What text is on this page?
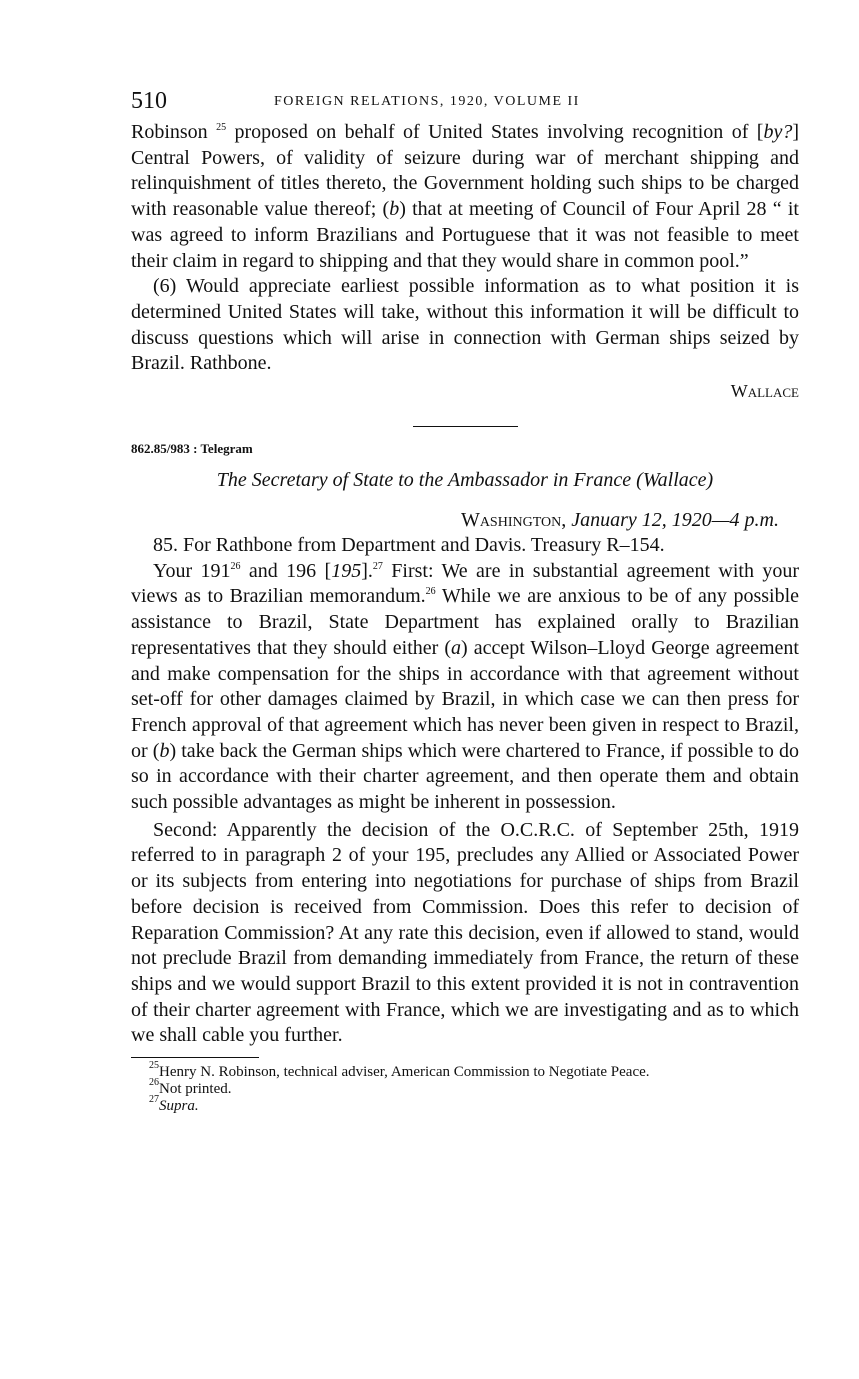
510	FOREIGN RELATIONS, 1920, VOLUME II

Robinson $^{25}$ proposed on behalf of United States involving recognition of [by?] Central Powers, of validity of seizure during war of merchant shipping and relinquishment of titles thereto, the Government holding such ships to be charged with reasonable value thereof; (b) that at meeting of Council of Four April 28 “ it was agreed to inform Brazilians and Portuguese that it was not feasible to meet their claim in regard to shipping and that they would share in common pool.”

(6) Would appreciate earliest possible information as to what position it is determined United States will take, without this information it will be difficult to discuss questions which will arise in connection with German ships seized by Brazil. Rathbone.

Wallace

862.85/983 : Telegram

The Secretary of State to the Ambassador in France (Wallace)

Washington, January 12, 1920—4 p.m.

85. For Rathbone from Department and Davis. Treasury R–154.

Your $191^{26}$ and 196 [195].$^{27}$ First: We are in substantial agreement with your views as to Brazilian memorandum.$^{26}$ While we are anxious to be of any possible assistance to Brazil, State Department has explained orally to Brazilian representatives that they should either (a) accept Wilson–Lloyd George agreement and make compensation for the ships in accordance with that agreement without set-off for other damages claimed by Brazil, in which case we can then press for French approval of that agreement which has never been given in respect to Brazil, or (b) take back the German ships which were chartered to France, if possible to do so in accordance with their charter agreement, and then operate them and obtain such possible advantages as might be inherent in possession.

Second: Apparently the decision of the O.C.R.C. of September 25th, 1919 referred to in paragraph 2 of your 195, precludes any Allied or Associated Power or its subjects from entering into negotiations for purchase of ships from Brazil before decision is received from Commission. Does this refer to decision of Reparation Commission? At any rate this decision, even if allowed to stand, would not preclude Brazil from demanding immediately from France, the return of these ships and we would support Brazil to this extent provided it is not in contravention of their charter agreement with France, which we are investigating and as to which we shall cable you further.

$^{25}$Henry N. Robinson, technical adviser, American Commission to Negotiate Peace.

$^{26}$Not printed.

$^{27}$Supra.
